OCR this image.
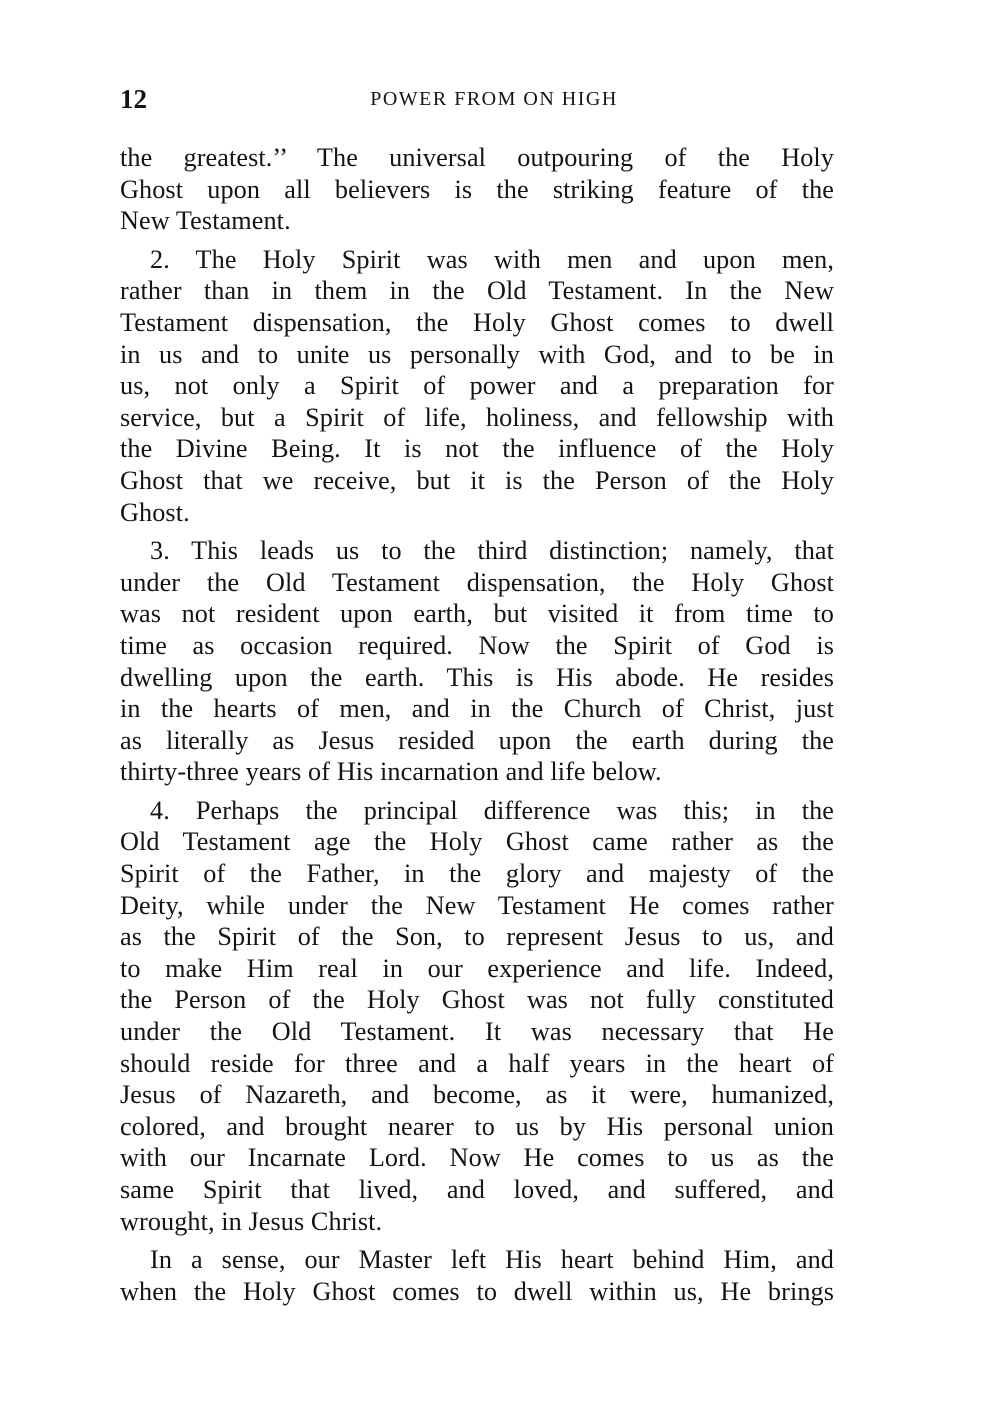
12	POWER FROM ON HIGH
the greatest.’’ The universal outpouring of the Holy
Ghost upon all believers is the striking feature of the
New Testament.
2. The Holy Spirit was with men and upon men,
rather than in them in the Old Testament. In the New
Testament dispensation, the Holy Ghost comes to dwell
in us and to unite us personally with God, and to be in
us, not only a Spirit of power and a preparation for
service, but a Spirit of life, holiness, and fellowship with
the Divine Being. It is not the influence of the Holy
Ghost that we receive, but it is the Person of the Holy
Ghost.
3. This leads us to the third distinction; namely, that
under the Old Testament dispensation, the Holy Ghost
was not resident upon earth, but visited it from time to
time as occasion required. Now the Spirit of God is
dwelling upon the earth. This is His abode. He resides
in the hearts of men, and in the Church of Christ, just
as literally as Jesus resided upon the earth during the
thirty-three years of His incarnation and life below.
4. Perhaps the principal difference was this; in the
Old Testament age the Holy Ghost came rather as the
Spirit of the Father, in the glory and majesty of the
Deity, while under the New Testament He comes rather
as the Spirit of the Son, to represent Jesus to us, and
to make Him real in our experience and life. Indeed,
the Person of the Holy Ghost was not fully constituted
under the Old Testament. It was necessary that He
should reside for three and a half years in the heart of
Jesus of Nazareth, and become, as it were, humanized,
colored, and brought nearer to us by His personal union
with our Incarnate Lord. Now He comes to us as the
same Spirit that lived, and loved, and suffered, and
wrought, in Jesus Christ.
In a sense, our Master left His heart behind Him, and
when the Holy Ghost comes to dwell within us, He brings
